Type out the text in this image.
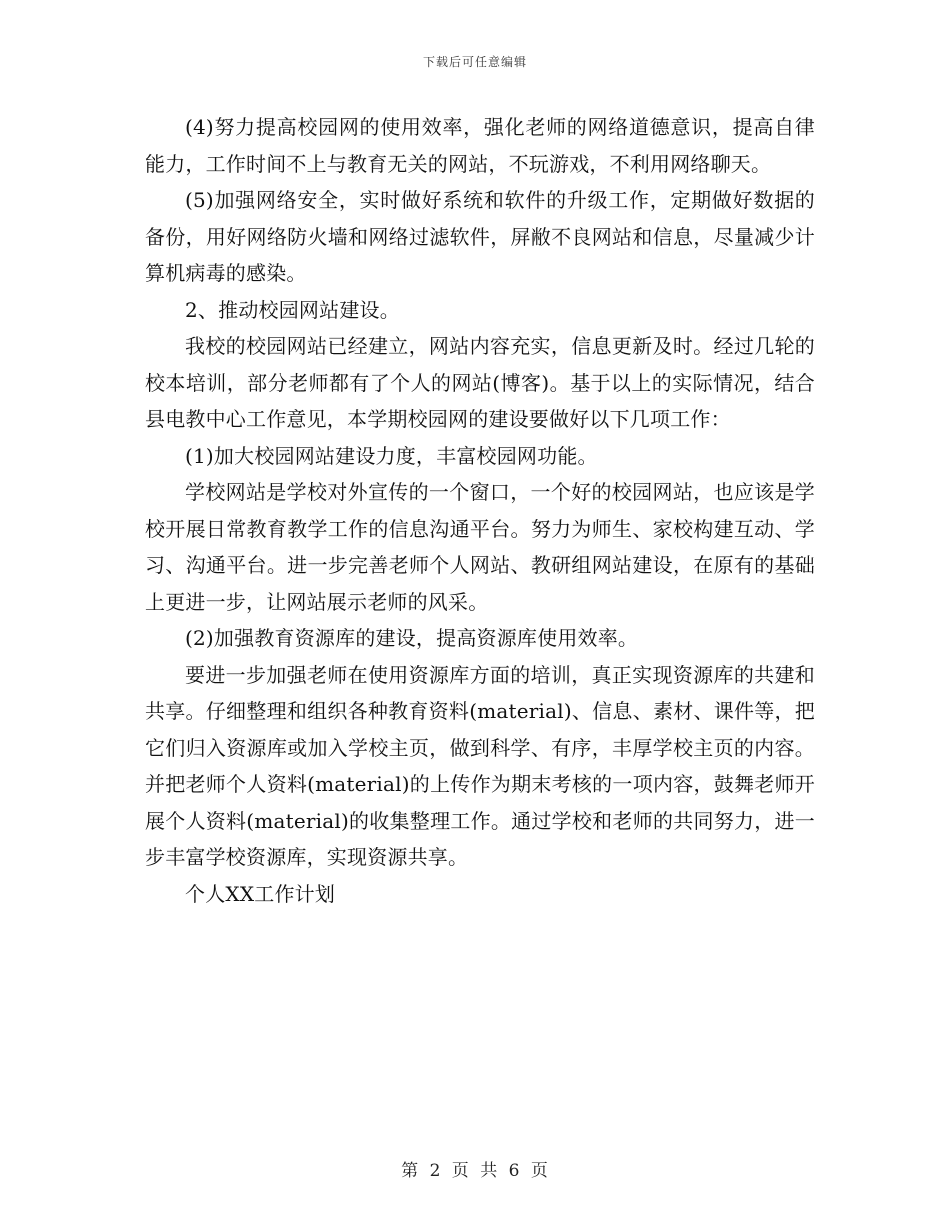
下载后可任意编辑

(4)努力提高校园网的使用效率，强化老师的网络道德意识，提高自律能力，工作时间不上与教育无关的网站，不玩游戏，不利用网络聊天。

(5)加强网络安全，实时做好系统和软件的升级工作，定期做好数据的备份，用好网络防火墙和网络过滤软件，屏敝不良网站和信息，尽量减少计算机病毒的感染。

2、推动校园网站建设。

我校的校园网站已经建立，网站内容充实，信息更新及时。经过几轮的校本培训，部分老师都有了个人的网站(博客)。基于以上的实际情况，结合县电教中心工作意见，本学期校园网的建设要做好以下几项工作：

(1)加大校园网站建设力度，丰富校园网功能。

学校网站是学校对外宣传的一个窗口，一个好的校园网站，也应该是学校开展日常教育教学工作的信息沟通平台。努力为师生、家校构建互动、学习、沟通平台。进一步完善老师个人网站、教研组网站建设，在原有的基础上更进一步，让网站展示老师的风采。

(2)加强教育资源库的建设，提高资源库使用效率。

要进一步加强老师在使用资源库方面的培训，真正实现资源库的共建和共享。仔细整理和组织各种教育资料(material)、信息、素材、课件等，把它们归入资源库或加入学校主页，做到科学、有序，丰厚学校主页的内容。并把老师个人资料(material)的上传作为期末考核的一项内容，鼓舞老师开展个人资料(material)的收集整理工作。通过学校和老师的共同努力，进一步丰富学校资源库，实现资源共享。

个人XX工作计划

第 2 页 共 6 页
